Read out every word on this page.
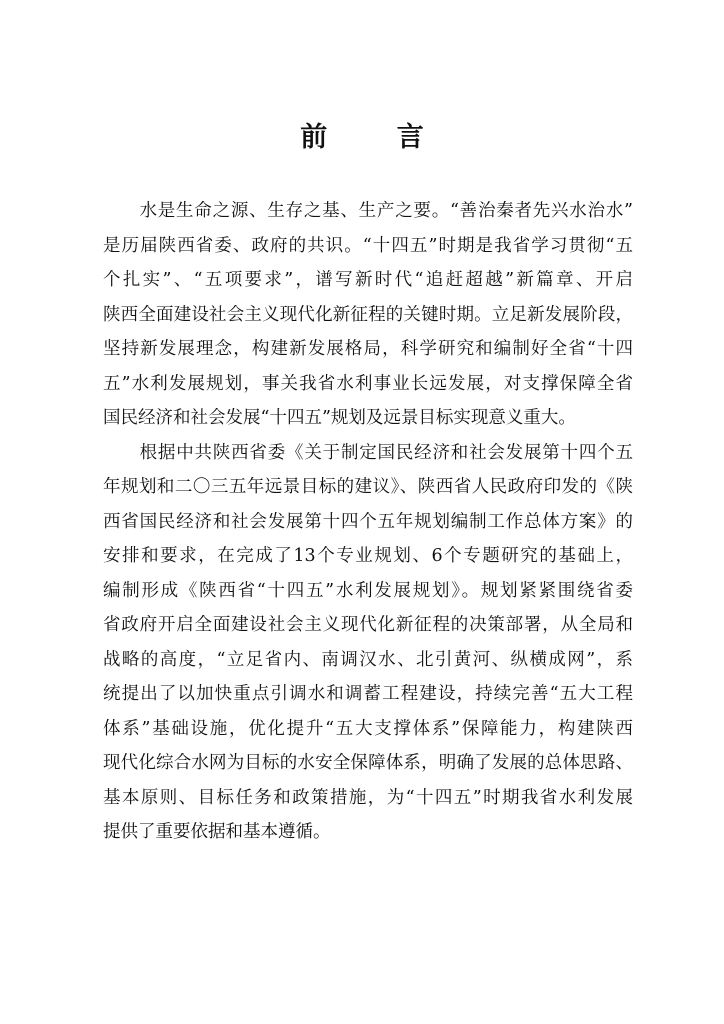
前 言
　　水是生命之源、生存之基、生产之要。“善治秦者先兴水治水”
是历届陕西省委、政府的共识。“十四五”时期是我省学习贯彻“五
个扎实”、“五项要求”，谱写新时代“追赶超越”新篇章、开启
陕西全面建设社会主义现代化新征程的关键时期。立足新发展阶段，
坚持新发展理念，构建新发展格局，科学研究和编制好全省“十四
五”水利发展规划，事关我省水利事业长远发展，对支撑保障全省
国民经济和社会发展“十四五”规划及远景目标实现意义重大。
　　根据中共陕西省委《关于制定国民经济和社会发展第十四个五
年规划和二〇三五年远景目标的建议》、陕西省人民政府印发的《陕
西省国民经济和社会发展第十四个五年规划编制工作总体方案》的
安排和要求，在完成了13个专业规划、6个专题研究的基础上，
编制形成《陕西省“十四五”水利发展规划》。规划紧紧围绕省委
省政府开启全面建设社会主义现代化新征程的决策部署，从全局和
战略的高度，“立足省内、南调汉水、北引黄河、纵横成网”，系
统提出了以加快重点引调水和调蓄工程建设，持续完善“五大工程
体系”基础设施，优化提升“五大支撑体系”保障能力，构建陕西
现代化综合水网为目标的水安全保障体系，明确了发展的总体思路、
基本原则、目标任务和政策措施，为“十四五”时期我省水利发展
提供了重要依据和基本遵循。
